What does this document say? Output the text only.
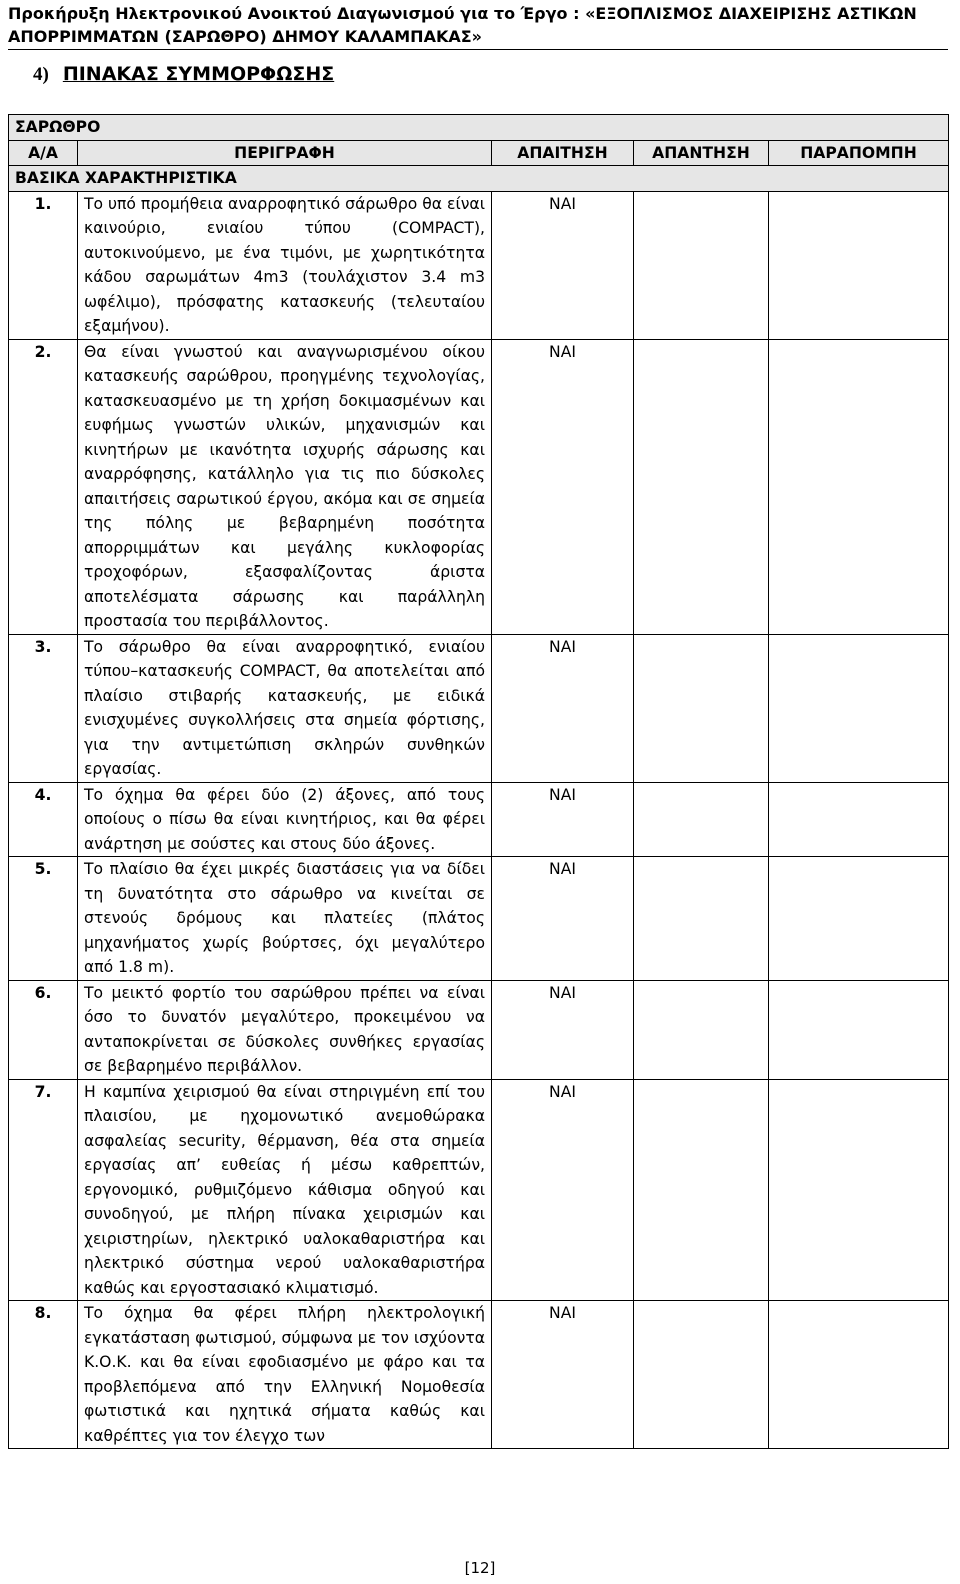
Προκήρυξη Ηλεκτρονικού Ανοικτού Διαγωνισμού για το Έργο : «ΕΞΟΠΛΙΣΜΟΣ ΔΙΑΧΕΙΡΙΣΗΣ ΑΣΤΙΚΩΝ ΑΠΟΡΡΙΜΜΑΤΩΝ (ΣΑΡΩΘΡΟ) ΔΗΜΟΥ ΚΑΛΑΜΠΑΚΑΣ»
4) ΠΙΝΑΚΑΣ ΣΥΜΜΟΡΦΩΣΗΣ
ΣΑΡΩΘΡΟ				
Α/Α	ΠΕΡΙΓΡΑΦΗ	ΑΠΑΙΤΗΣΗ	ΑΠΑΝΤΗΣΗ	ΠΑΡΑΠΟΜΠΗ
ΒΑΣΙΚΑ ΧΑΡΑΚΤΗΡΙΣΤΙΚΑ				
1.	Το υπό προμήθεια αναρροφητικό σάρωθρο θα είναι καινούριο, ενιαίου τύπου (COMPACT), αυτοκινούμενο, με ένα τιμόνι, με χωρητικότητα κάδου σαρωμάτων 4m3 (τουλάχιστον 3.4 m3 ωφέλιμο), πρόσφατης κατασκευής (τελευταίου εξαμήνου).	ΝΑΙ		
2.	Θα είναι γνωστού και αναγνωρισμένου οίκου κατασκευής σαρώθρου, προηγμένης τεχνολογίας, κατασκευασμένο με τη χρήση δοκιμασμένων και ευφήμως γνωστών υλικών, μηχανισμών και κινητήρων με ικανότητα ισχυρής σάρωσης και αναρρόφησης, κατάλληλο για τις πιο δύσκολες απαιτήσεις σαρωτικού έργου, ακόμα και σε σημεία της πόλης με βεβαρημένη ποσότητα απορριμμάτων και μεγάλης κυκλοφορίας τροχοφόρων, εξασφαλίζοντας άριστα αποτελέσματα σάρωσης και παράλληλη προστασία του περιβάλλοντος.	ΝΑΙ		
3.	Το σάρωθρο θα είναι αναρροφητικό, ενιαίου τύπου–κατασκευής COMPACT, θα αποτελείται από πλαίσιο στιβαρής κατασκευής, με ειδικά ενισχυμένες συγκολλήσεις στα σημεία φόρτισης, για την αντιμετώπιση σκληρών συνθηκών εργασίας.	ΝΑΙ		
4.	Το όχημα θα φέρει δύο (2) άξονες, από τους οποίους ο πίσω θα είναι κινητήριος, και θα φέρει ανάρτηση με σούστες και στους δύο άξονες.	ΝΑΙ		
5.	Το πλαίσιο θα έχει μικρές διαστάσεις για να δίδει τη δυνατότητα στο σάρωθρο να κινείται σε στενούς δρόμους και πλατείες (πλάτος μηχανήματος χωρίς βούρτσες, όχι μεγαλύτερο από 1.8 m).	ΝΑΙ		
6.	Το μεικτό φορτίο του σαρώθρου πρέπει να είναι όσο το δυνατόν μεγαλύτερο, προκειμένου να ανταποκρίνεται σε δύσκολες συνθήκες εργασίας σε βεβαρημένο περιβάλλον.	ΝΑΙ		
7.	Η καμπίνα χειρισμού θα είναι στηριγμένη επί του πλαισίου, με ηχομονωτικό ανεμοθώρακα ασφαλείας security, θέρμανση, θέα στα σημεία εργασίας απ’ ευθείας ή μέσω καθρεπτών, εργονομικό, ρυθμιζόμενο κάθισμα οδηγού και συνοδηγού, με πλήρη πίνακα χειρισμών και χειριστηρίων, ηλεκτρικό υαλοκαθαριστήρα και ηλεκτρικό σύστημα νερού υαλοκαθαριστήρα καθώς και εργοστασιακό κλιματισμό.	ΝΑΙ		
8.	Το όχημα θα φέρει πλήρη ηλεκτρολογική εγκατάσταση φωτισμού, σύμφωνα με τον ισχύοντα Κ.Ο.Κ. και θα είναι εφοδιασμένο με φάρο και τα προβλεπόμενα από την Ελληνική Νομοθεσία φωτιστικά και ηχητικά σήματα καθώς και καθρέπτες για τον έλεγχο των	ΝΑΙ		
[12]
